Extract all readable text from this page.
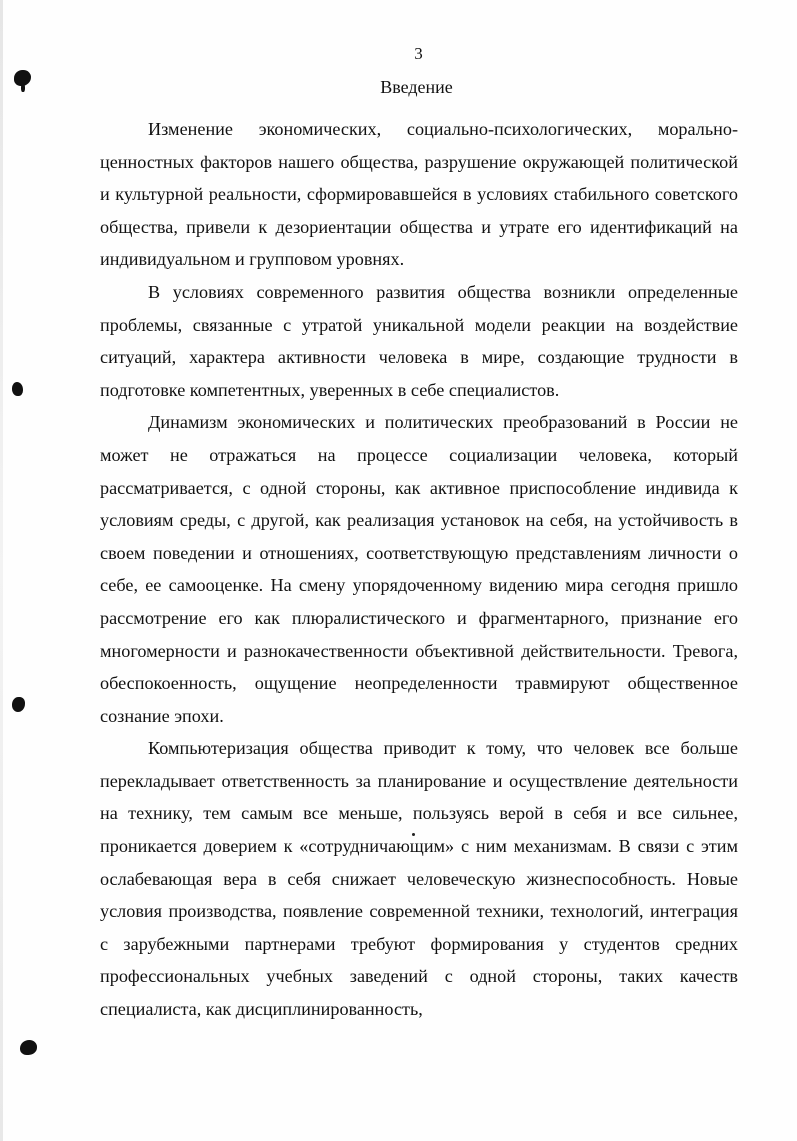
3
Введение

Изменение экономических, социально-психологических, морально-ценностных факторов нашего общества, разрушение окружающей политической и культурной реальности, сформировавшейся в условиях стабильного советского общества, привели к дезориентации общества и утрате его идентификаций на индивидуальном и групповом уровнях.

В условиях современного развития общества возникли определенные проблемы, связанные с утратой уникальной модели реакции на воздействие ситуаций, характера активности человека в мире, создающие трудности в подготовке компетентных, уверенных в себе специалистов.

Динамизм экономических и политических преобразований в России не может не отражаться на процессе социализации человека, который рассматривается, с одной стороны, как активное приспособление индивида к условиям среды, с другой, как реализация установок на себя, на устойчивость в своем поведении и отношениях, соответствующую представлениям личности о себе, ее самооценке. На смену упорядоченному видению мира сегодня пришло рассмотрение его как плюралистического и фрагментарного, признание его многомерности и разнокачественности объективной действительности. Тревога, обеспокоенность, ощущение неопределенности травмируют общественное сознание эпохи.

Компьютеризация общества приводит к тому, что человек все больше перекладывает ответственность за планирование и осуществление деятельности на технику, тем самым все меньше, пользуясь верой в себя и все сильнее, проникается доверием к «сотрудничающим» с ним механизмам. В связи с этим ослабевающая вера в себя снижает человеческую жизнеспособность. Новые условия производства, появление современной техники, технологий, интеграция с зарубежными партнерами требуют формирования у студентов средних профессиональных учебных заведений с одной стороны, таких качеств специалиста, как дисциплинированность,
